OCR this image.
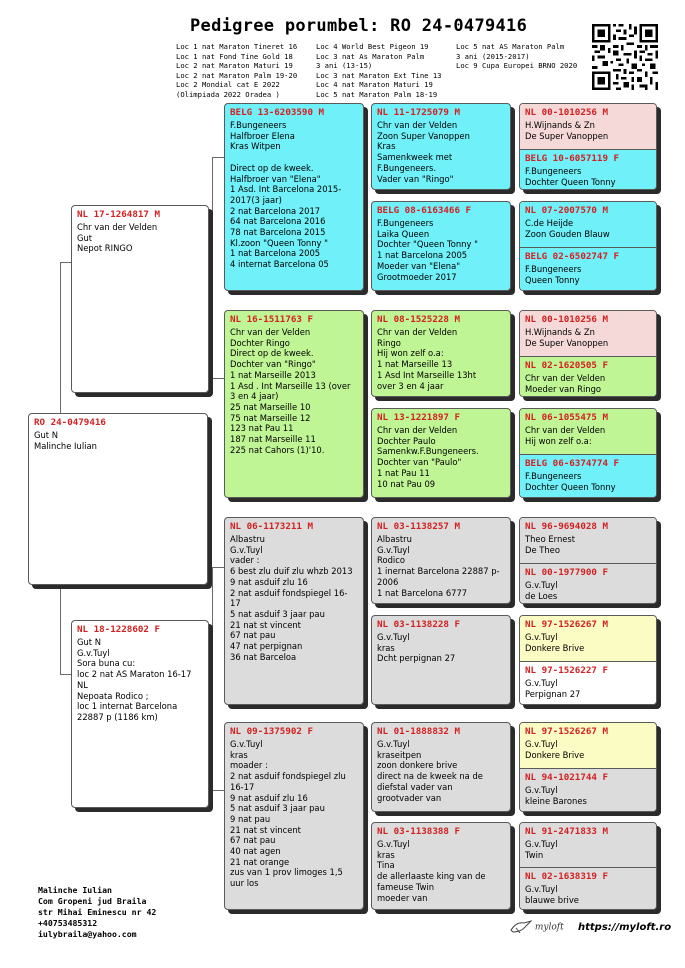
Pedigree porumbel: RO 24-0479416
Loc 1 nat Maraton Tineret 16
Loc 1 nat Fond Tine Gold 18
Loc 2 nat Maraton Maturi 19
Loc 2 nat Maraton Palm 19-20
Loc 2 Mondial cat E 2022
(Olimpiada 2022 Oradea )
Loc 4 World Best Pigeon 19
Loc 3 nat As Maraton Palm
3 ani (13-15)
Loc 3 nat Maraton Ext Tine 13
Loc 4 nat Maraton Maturi 19
Loc 5 nat Maraton Palm 18-19
Loc 5 nat AS Maraton Palm
3 ani (2015-2017)
Loc 9 Cupa Europei BRNO 2020
RO 24-0479416
Gut N
Malinche Iulian
NL 17-1264817 M
Chr van der Velden
Gut
Nepot RINGO
NL 18-1228602 F
Gut N
G.v.Tuyl
Sora buna cu:
loc 2 nat AS Maraton 16-17 NL
Nepoata Rodico ;
loc 1 internat Barcelona 22887 p (1186 km)
BELG 13-6203590 M
F.Bungeneers
Halfbroer Elena
Kras Witpen

Direct op de kweek.
Halfbroer van "Elena"
1 Asd. Int Barcelona 2015-2017(3 jaar)
2 nat Barcelona 2017
64 nat Barcelona 2016
78 nat Barcelona 2015
Kl.zoon "Queen Tonny "
1 nat Barcelona 2005
4 internat Barcelona 05
NL 16-1511763 F
Chr van der Velden
Dochter Ringo
Direct op de kweek.
Dochter van "Ringo"
1 nat Marseille 2013
1 Asd . Int Marseille 13 (over 3 en 4 jaar)
25 nat Marseille 10
75 nat Marseille 12
123 nat Pau 11
187 nat Marseille 11
225 nat Cahors (1)'10.
NL 06-1173211 M
Albastru
G.v.Tuyl
vader :
6 best zlu duif zlu whzb 2013
9 nat asduif zlu 16
2 nat asduif fondspiegel 16-17
5 nat asduif 3 jaar pau
21 nat st vincent
67 nat pau
47 nat perpignan
36 nat Barceloa
NL 09-1375902 F
G.v.Tuyl
kras
moader :
2 nat asduif fondspiegel zlu 16-17
9 nat asduif zlu 16
5 nat asduif 3 jaar pau
9 nat pau
21 nat st vincent
67 nat pau
40 nat agen
21 nat orange
zus van 1 prov limoges 1,5 uur los
NL 11-1725079 M
Chr van der Velden
Zoon Super Vanoppen
Kras
Samenkweek met F.Bungeneers.
Vader van "Ringo"
BELG 08-6163466 F
F.Bungeneers
Laika Queen
Dochter "Queen Tonny "
1 nat Barcelona 2005
Moeder van "Elena"
Grootmoeder 2017
NL 08-1525228 M
Chr van der Velden
Ringo
Hij won zelf o.a:
1 nat Marseille 13
1 Asd Int Marseille 13ht
over 3 en 4 jaar
NL 13-1221897 F
Chr van der Velden
Dochter Paulo
Samenkw.F.Bungeneers.
Dochter van "Paulo"
1 nat Pau 11
10 nat Pau 09
NL 03-1138257 M
Albastru
G.v.Tuyl
Rodico
1 inernat Barcelona 22887 p-2006
1 nat Barcelona 6777
NL 03-1138228 F
G.v.Tuyl
kras
Dcht perpignan 27
NL 01-1888832 M
G.v.Tuyl
kraseitpen
zoon donkere brive
direct na de kweek na de diefstal vader van
grootvader van
NL 03-1138388 F
G.v.Tuyl
kras
Tina
de allerlaaste king van de fameuse Twin
moeder van
NL 00-1010256 M
H.Wijnands & Zn
De Super Vanoppen
BELG 10-6057119 F
F.Bungeneers
Dochter Queen Tonny
NL 07-2007570 M
C.de Heijde
Zoon Gouden Blauw
BELG 02-6502747 F
F.Bungeneers
Queen Tonny
NL 00-1010256 M
H.Wijnands & Zn
De Super Vanoppen
NL 02-1620505 F
Chr van der Velden
Moeder van Ringo
NL 06-1055475 M
Chr van der Velden
Hij won zelf o.a:
BELG 06-6374774 F
F.Bungeneers
Dochter Queen Tonny
NL 96-9694028 M
Theo Ernest
De Theo
NL 00-1977900 F
G.v.Tuyl
de Loes
NL 97-1526267 M
G.v.Tuyl
Donkere Brive
NL 97-1526227 F
G.v.Tuyl
Perpignan 27
NL 97-1526267 M
G.v.Tuyl
Donkere Brive
NL 94-1021744 F
G.v.Tuyl
kleine Barones
NL 91-2471833 M
G.v.Tuyl
Twin
NL 02-1638319 F
G.v.Tuyl
blauwe brive
Malinche Iulian
Com Gropeni jud Braila
str Mihai Eminescu nr 42
+40753485312
iulybraila@yahoo.com
myloft https://myloft.ro
